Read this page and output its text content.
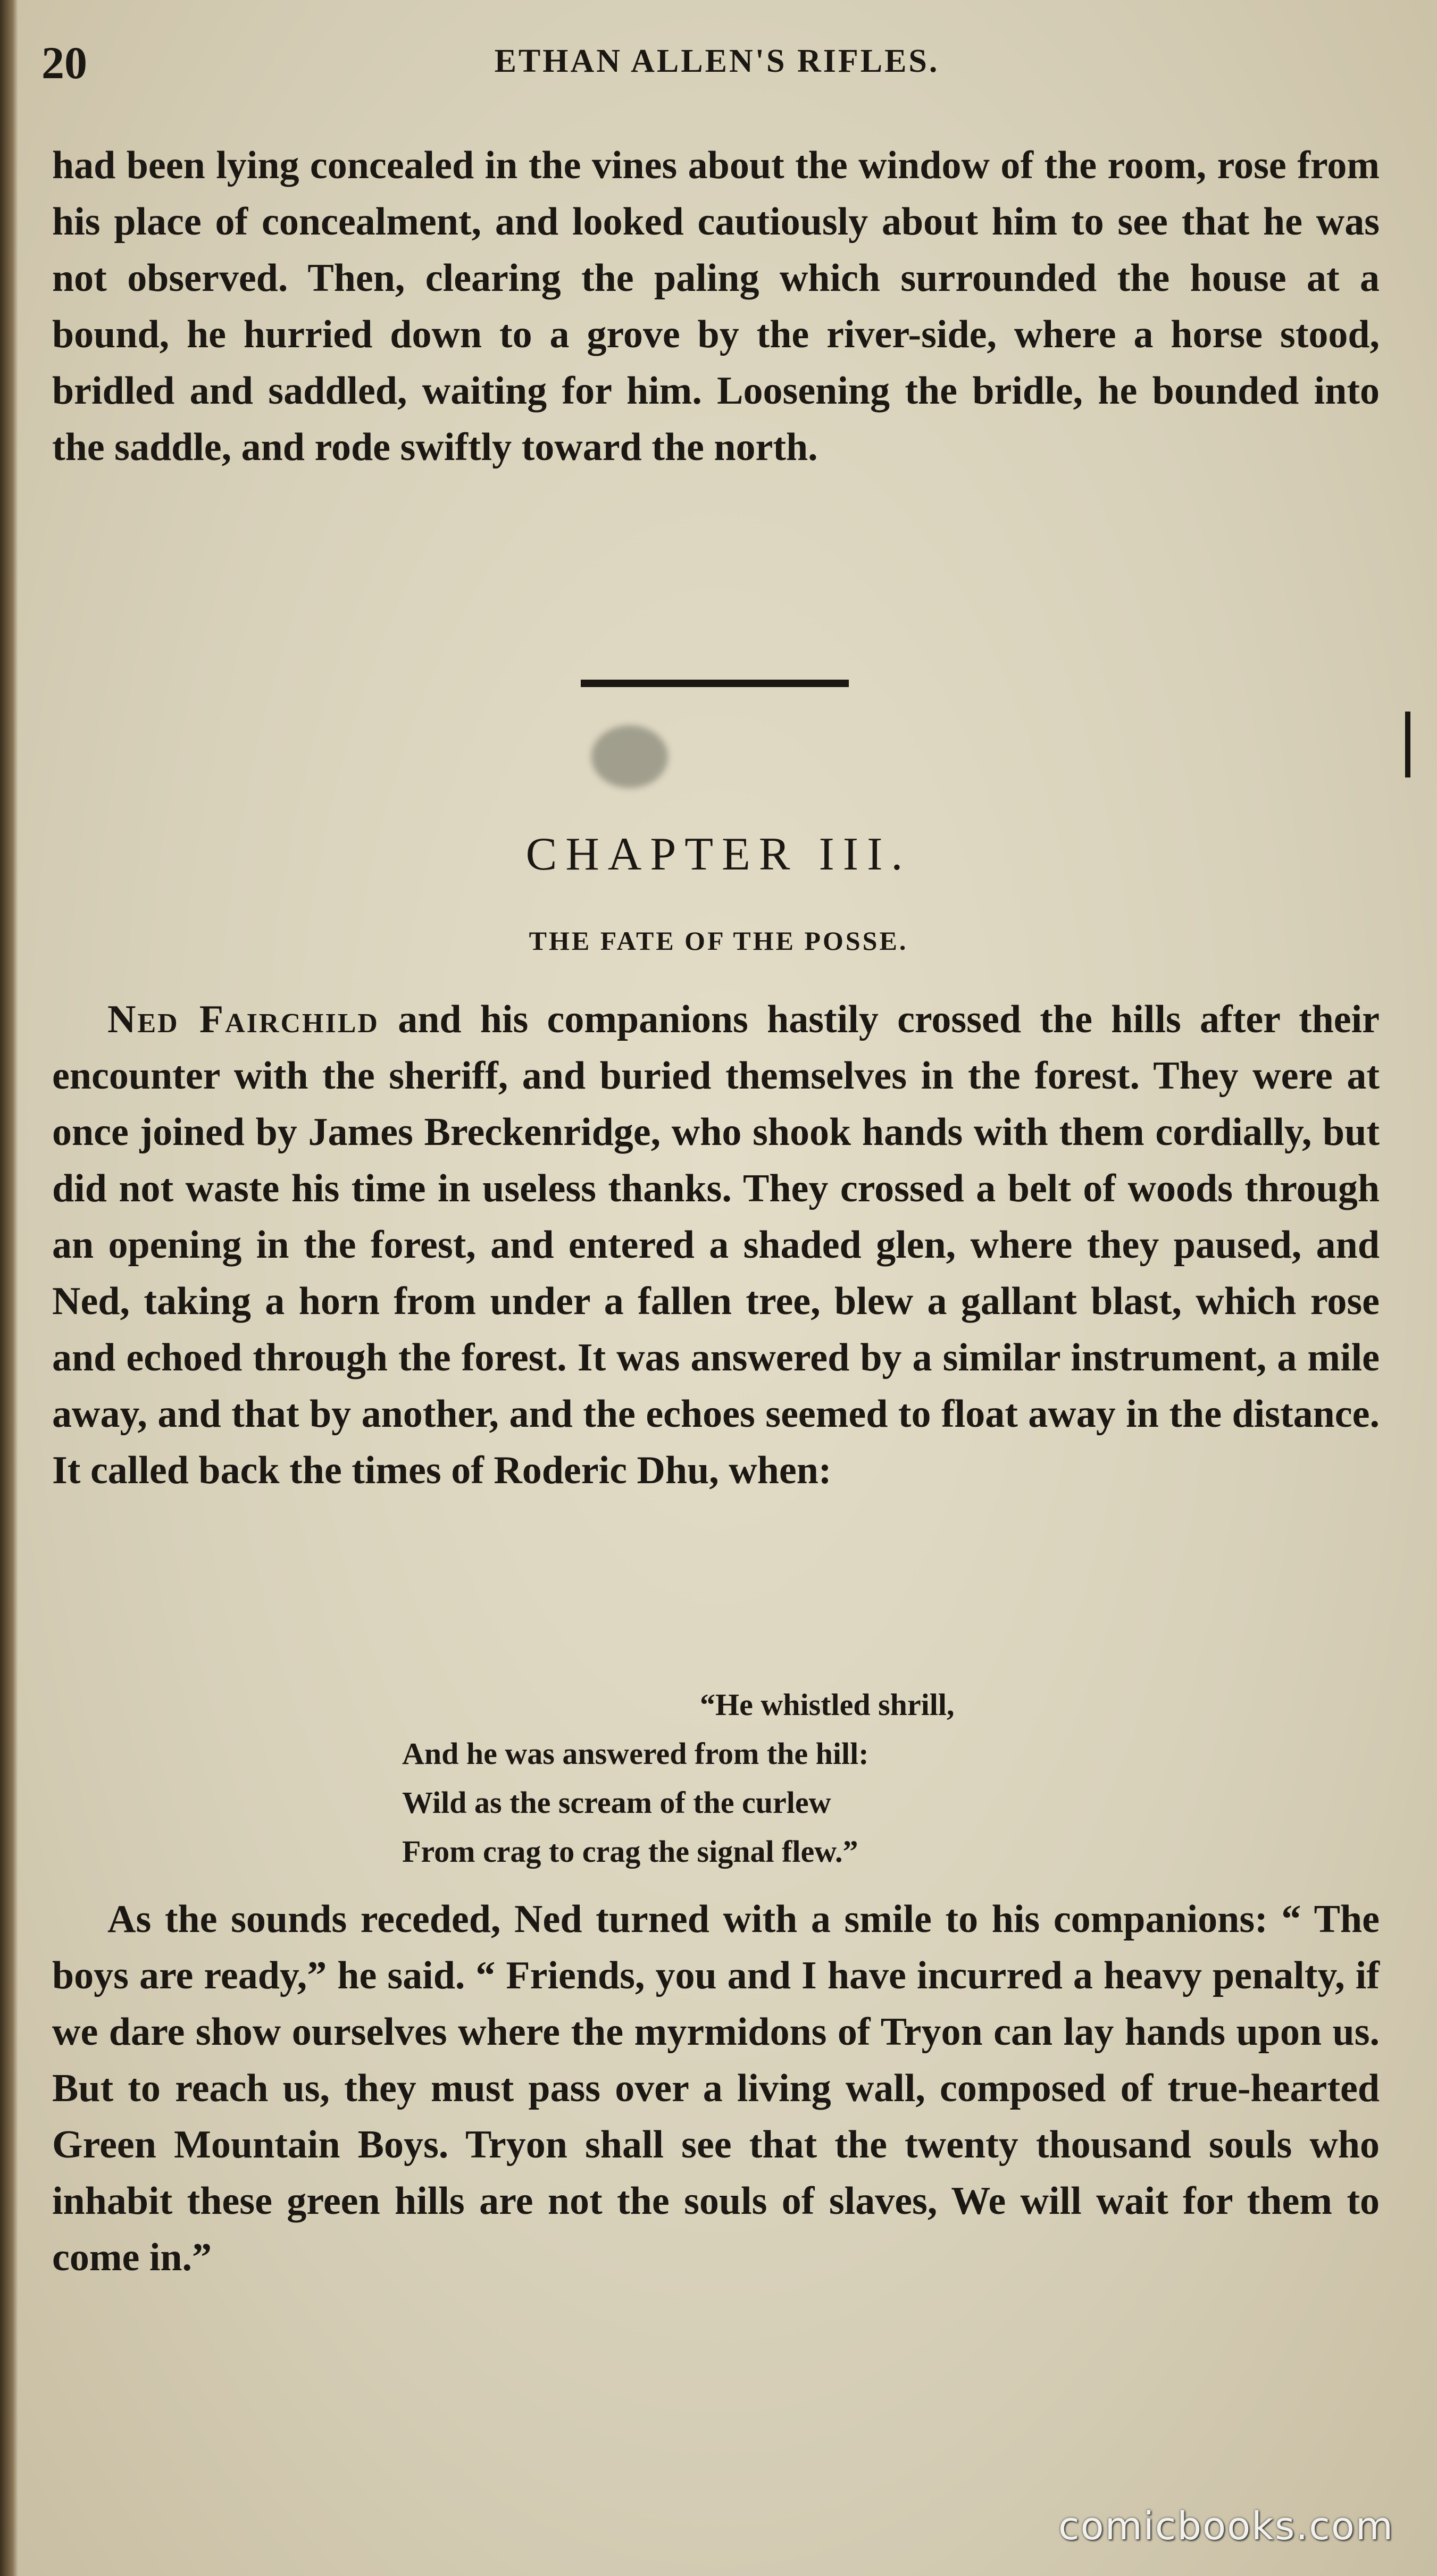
20	ETHAN ALLEN'S RIFLES.

had been lying concealed in the vines about the window of the room, rose from his place of concealment, and looked cautiously about him to see that he was not observed. Then, clearing the paling which surrounded the house at a bound, he hurried down to a grove by the river-side, where a horse stood, bridled and saddled, waiting for him. Loosening the bridle, he bounded into the saddle, and rode swiftly toward the north.

CHAPTER III.
THE FATE OF THE POSSE.

Ned Fairchild and his companions hastily crossed the hills after their encounter with the sheriff, and buried themselves in the forest. They were at once joined by James Breckenridge, who shook hands with them cordially, but did not waste his time in useless thanks. They crossed a belt of woods through an opening in the forest, and entered a shaded glen, where they paused, and Ned, taking a horn from under a fallen tree, blew a gallant blast, which rose and echoed through the forest. It was answered by a similar instrument, a mile away, and that by another, and the echoes seemed to float away in the distance. It called back the times of Roderic Dhu, when:

“He whistled shrill,
And he was answered from the hill:
Wild as the scream of the curlew
From crag to crag the signal flew.”

As the sounds receded, Ned turned with a smile to his companions: “ The boys are ready,” he said. “ Friends, you and I have incurred a heavy penalty, if we dare show ourselves where the myrmidons of Tryon can lay hands upon us. But to reach us, they must pass over a living wall, composed of true-hearted Green Mountain Boys. Tryon shall see that the twenty thousand souls who inhabit these green hills are not the souls of slaves, We will wait for them to come in.”

comicbooks.com
